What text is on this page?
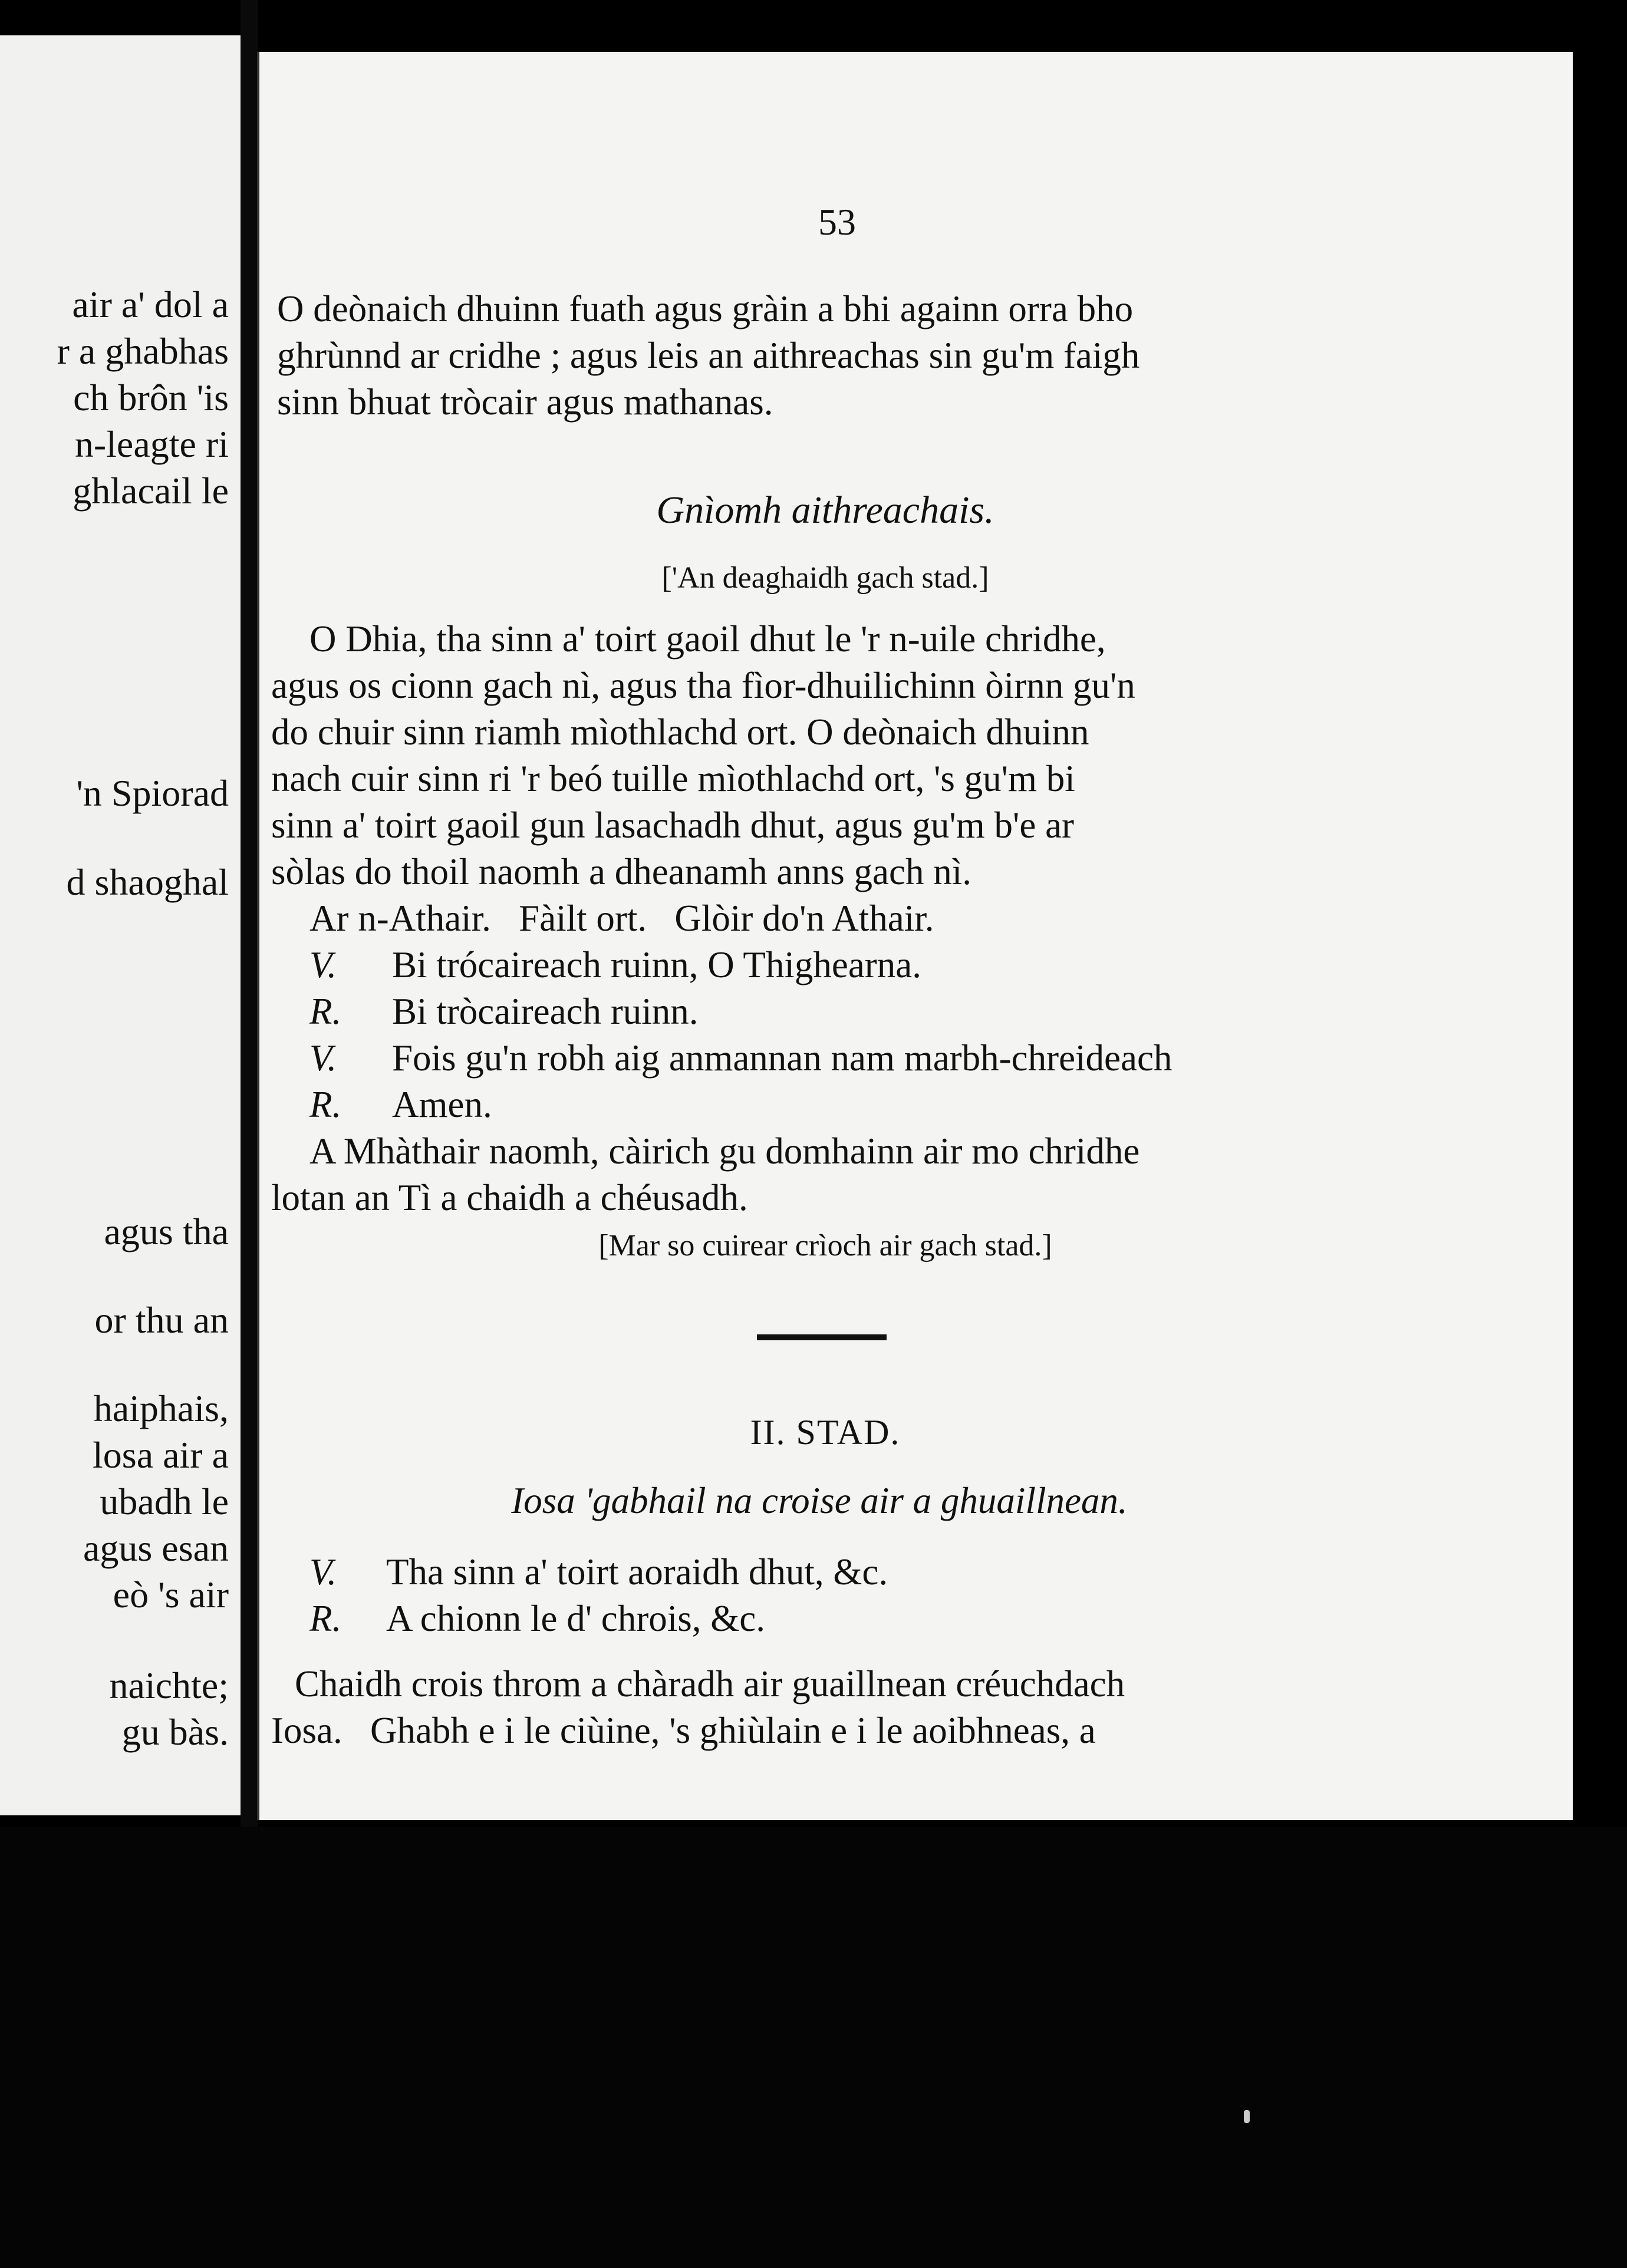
air a' dol a
r a ghabhas
ch brôn 'is
n-leagte ri
ghlacail le
'n Spiorad
d shaoghal
agus tha
or thu an
haiphais,
losa air a
ubadh le
agus esan
eò 's air
naichte;
gu bàs.
53
O deònaich dhuinn fuath agus gràin a bhi againn orra bho
ghrùnnd ar cridhe ; agus leis an aithreachas sin gu'm faigh
sinn bhuat tròcair agus mathanas.
Gnìomh aithreachais.
['An deaghaidh gach stad.]
O Dhia, tha sinn a' toirt gaoil dhut le 'r n-uile chridhe,
agus os cionn gach nì, agus tha fìor-dhuilichinn òirnn gu'n
do chuir sinn riamh mìothlachd ort. O deònaich dhuinn
nach cuir sinn ri 'r beó tuille mìothlachd ort, 's gu'm bi
sinn a' toirt gaoil gun lasachadh dhut, agus gu'm b'e ar
sòlas do thoil naomh a dheanamh anns gach nì.
Ar n-Athair.   Fàilt ort.   Glòir do'n Athair.
V. Bi trócaireach ruinn, O Thighearna.
R. Bi tròcaireach ruinn.
V. Fois gu'n robh aig anmannan nam marbh-chreideach
R. Amen.
A Mhàthair naomh, càirich gu domhainn air mo chridhe
lotan an Tì a chaidh a chéusadh.
[Mar so cuirear crìoch air gach stad.]
II. STAD.
Iosa 'gabhail na croise air a ghuaillnean.
V. Tha sinn a' toirt aoraidh dhut, &c.
R. A chionn le d' chrois, &c.
Chaidh crois throm a chàradh air guaillnean créuchdach
Iosa.   Ghabh e i le ciùine, 's ghiùlain e i le aoibhneas, a
